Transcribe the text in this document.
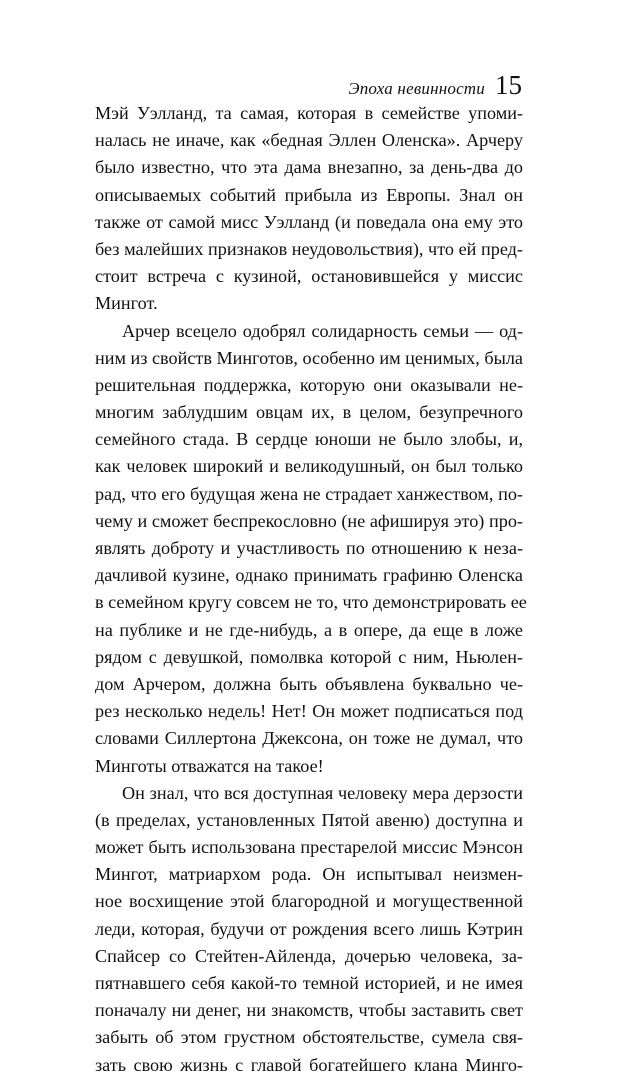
Эпоха невинности 15
Мэй Уэлланд, та самая, которая в семействе упоми-
налась не иначе, как «бедная Эллен Оленска». Арчеру
было известно, что эта дама внезапно, за день-два до
описываемых событий прибыла из Европы. Знал он
также от самой мисс Уэлланд (и поведала она ему это
без малейших признаков неудовольствия), что ей пред-
стоит встреча с кузиной, остановившейся у миссис
Мингот.
Арчер всецело одобрял солидарность семьи — од-
ним из свойств Минготов, особенно им ценимых, была
решительная поддержка, которую они оказывали не-
многим заблудшим овцам их, в целом, безупречного
семейного стада. В сердце юноши не было злобы, и,
как человек широкий и великодушный, он был только
рад, что его будущая жена не страдает ханжеством, по-
чему и сможет беспрекословно (не афишируя это) про-
являть доброту и участливость по отношению к неза-
дачливой кузине, однако принимать графиню Оленска
в семейном кругу совсем не то, что демонстрировать ее
на публике и не где-нибудь, а в опере, да еще в ложе
рядом с девушкой, помолвка которой с ним, Ньюлен-
дом Арчером, должна быть объявлена буквально че-
рез несколько недель! Нет! Он может подписаться под
словами Силлертона Джексона, он тоже не думал, что
Минготы отважатся на такое!
Он знал, что вся доступная человеку мера дерзости
(в пределах, установленных Пятой авеню) доступна и
может быть использована престарелой миссис Мэнсон
Мингот, матриархом рода. Он испытывал неизмен-
ное восхищение этой благородной и могущественной
леди, которая, будучи от рождения всего лишь Кэтрин
Спайсер со Стейтен-Айленда, дочерью человека, за-
пятнавшего себя какой-то темной историей, и не имея
поначалу ни денег, ни знакомств, чтобы заставить свет
забыть об этом грустном обстоятельстве, сумела свя-
зать свою жизнь с главой богатейшего клана Минго-
